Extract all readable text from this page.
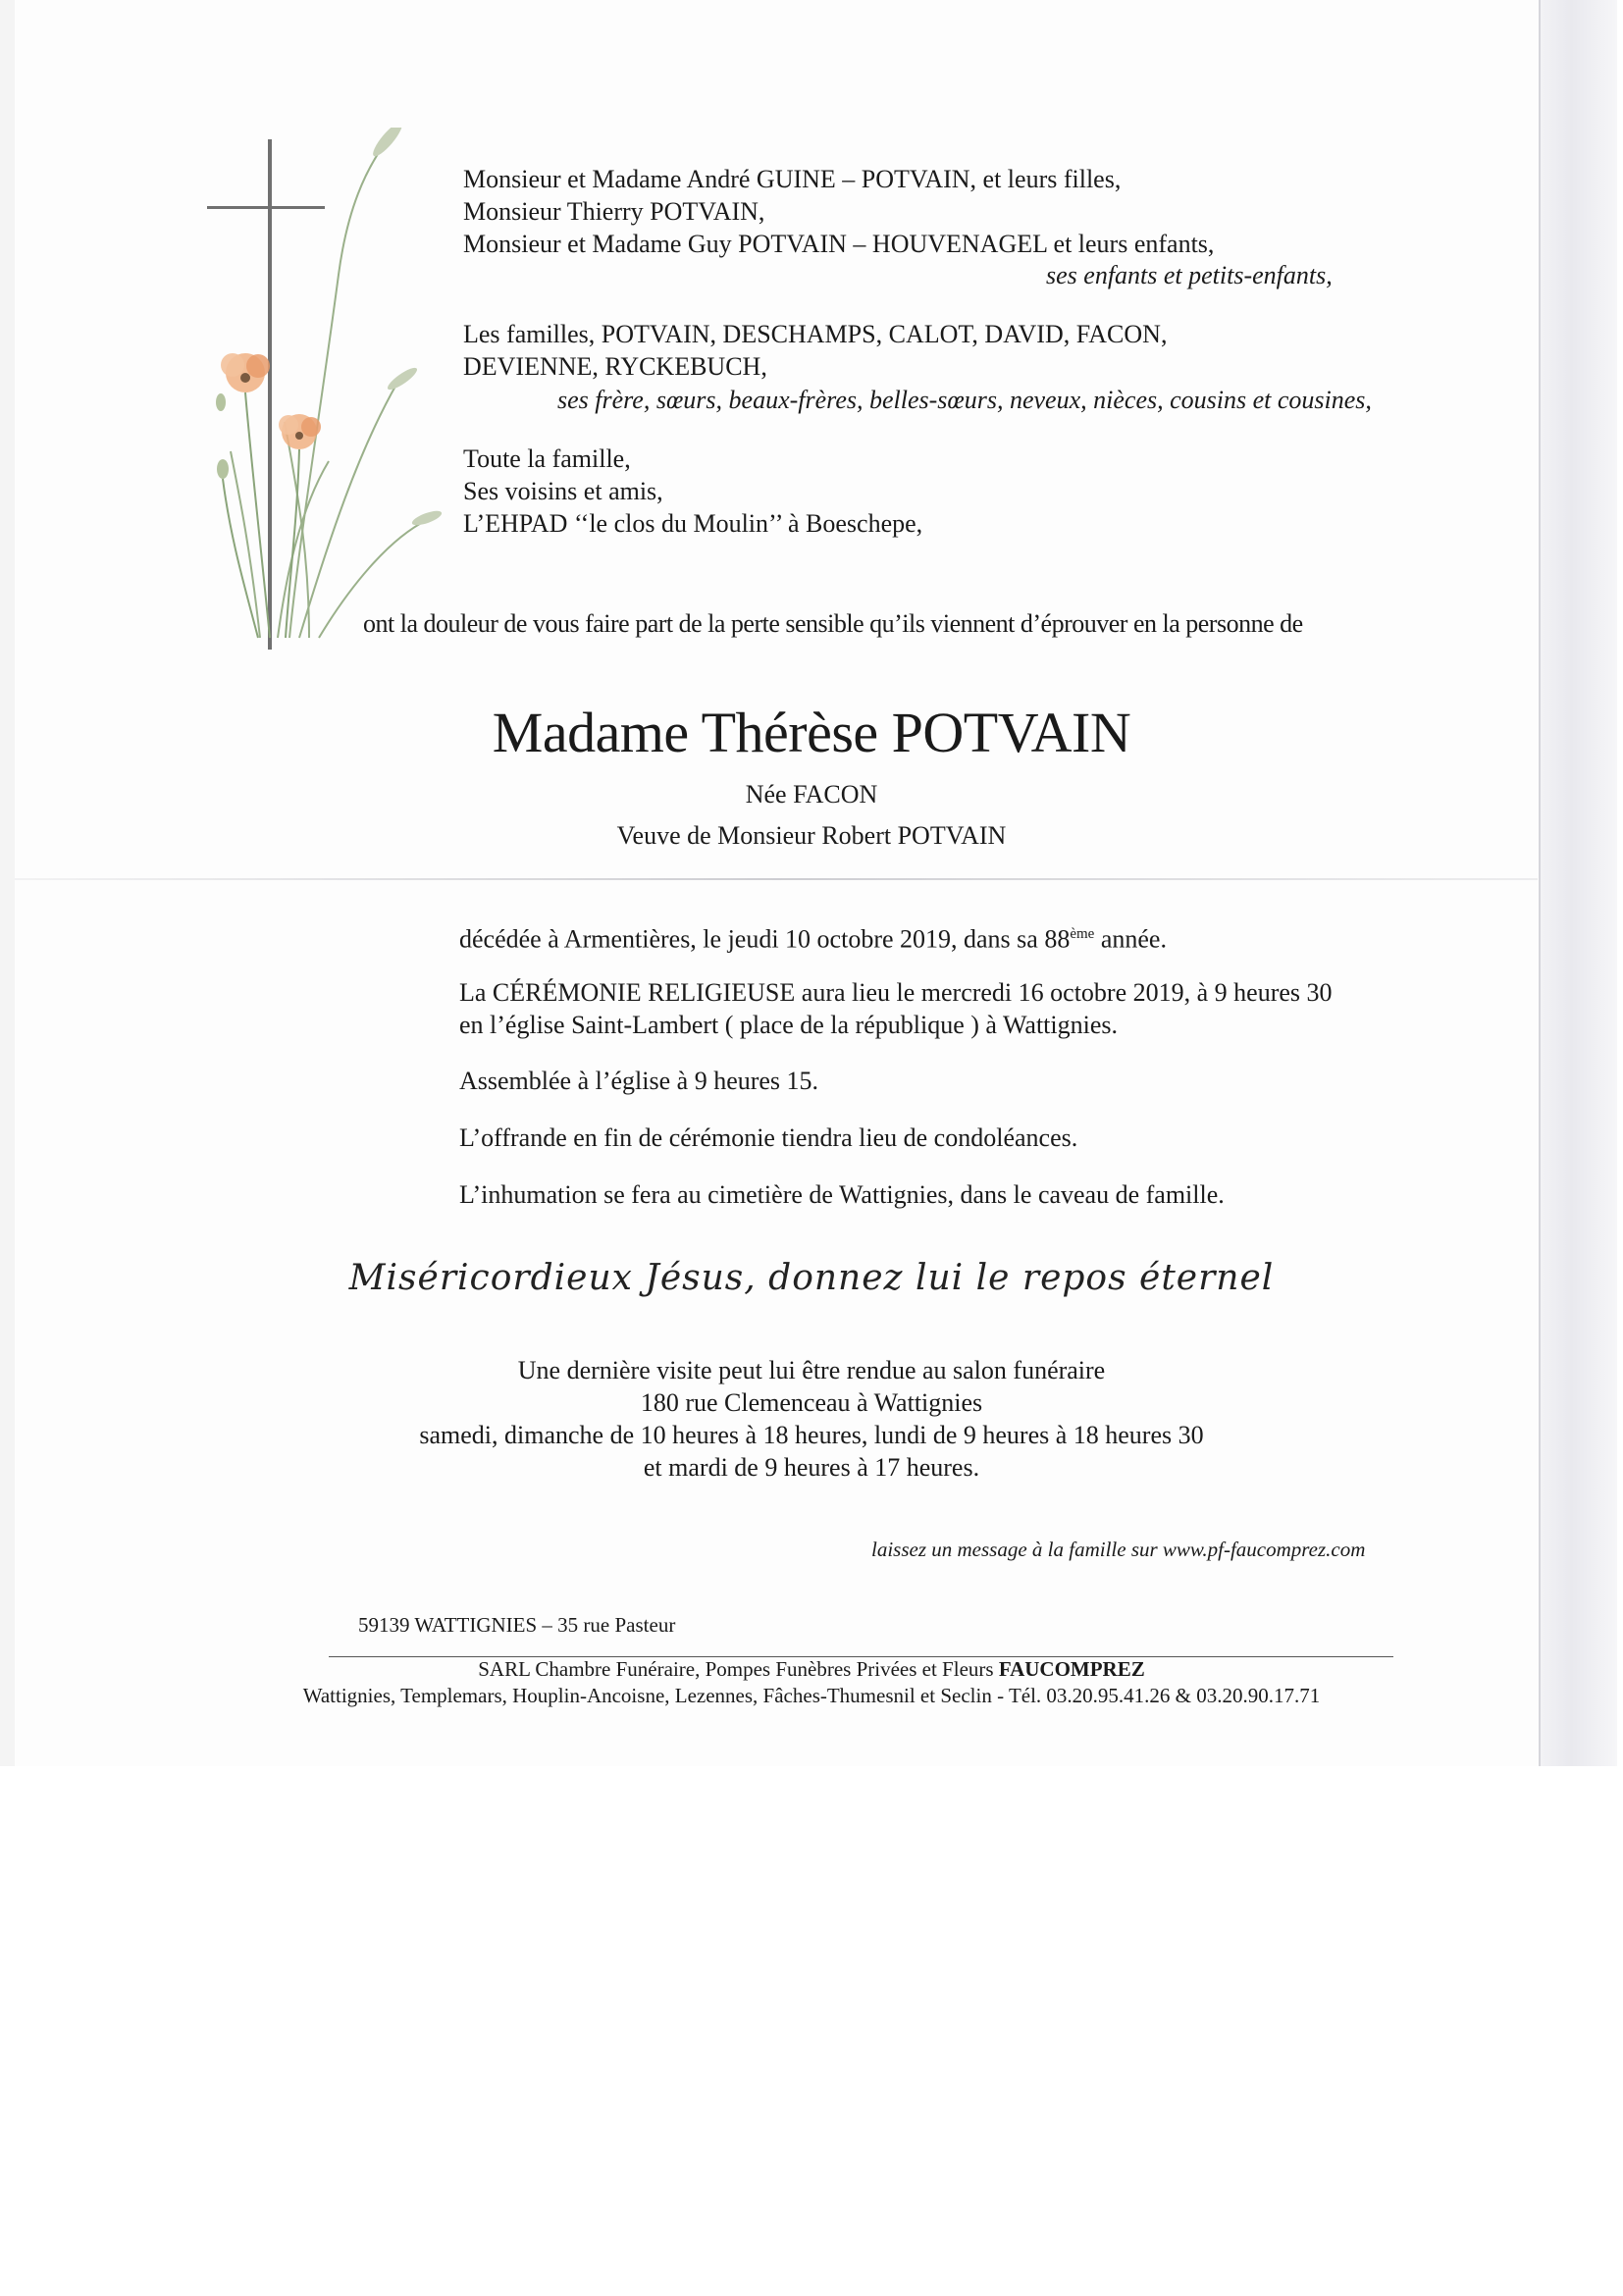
Monsieur et Madame André GUINE – POTVAIN, et leurs filles,
Monsieur Thierry POTVAIN,
Monsieur et Madame Guy POTVAIN – HOUVENAGEL et leurs enfants,
ses enfants et petits-enfants,
Les familles, POTVAIN, DESCHAMPS, CALOT, DAVID, FACON,
DEVIENNE, RYCKEBUCH,
ses frère, sœurs, beaux-frères, belles-sœurs, neveux, nièces, cousins et cousines,
Toute la famille,
Ses voisins et amis,
L’EHPAD ‘‘le clos du Moulin’’ à Boeschepe,
ont la douleur de vous faire part de la perte sensible qu’ils viennent d’éprouver en la personne de
Madame Thérèse POTVAIN
Née FACON
Veuve de Monsieur Robert POTVAIN
décédée à Armentières, le jeudi 10 octobre 2019, dans sa 88ème année.
La CÉRÉMONIE RELIGIEUSE aura lieu le mercredi 16 octobre 2019, à 9 heures 30
en l’église Saint-Lambert ( place de la république ) à Wattignies.
Assemblée à l’église à 9 heures 15.
L’offrande en fin de cérémonie tiendra lieu de condoléances.
L’inhumation se fera au cimetière de Wattignies, dans le caveau de famille.
Miséricordieux Jésus, donnez lui le repos éternel
Une dernière visite peut lui être rendue au salon funéraire
180 rue Clemenceau à Wattignies
samedi, dimanche de 10 heures à 18 heures, lundi de 9 heures à 18 heures 30
et mardi de 9 heures à 17 heures.
laissez un message à la famille sur www.pf-faucomprez.com
59139 WATTIGNIES – 35 rue Pasteur
SARL Chambre Funéraire, Pompes Funèbres Privées et Fleurs FAUCOMPREZ
Wattignies, Templemars, Houplin-Ancoisne, Lezennes, Fâches-Thumesnil et Seclin - Tél. 03.20.95.41.26 & 03.20.90.17.71
